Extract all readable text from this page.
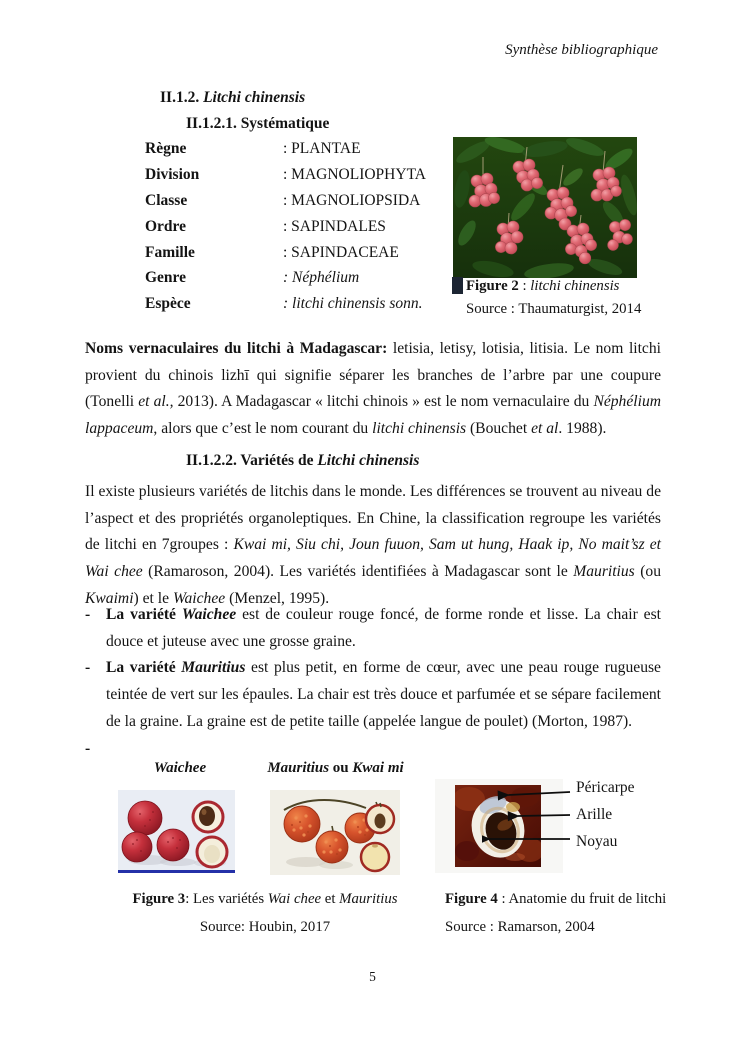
Synthèse bibliographique
II.1.2. Litchi chinensis
II.1.2.1. Systématique
Règne	: PLANTAE
Division	: MAGNOLIOPHYTA
Classe	: MAGNOLIOPSIDA
Ordre	: SAPINDALES
Famille	: SAPINDACEAE
Genre	: Néphélium
Espèce	: litchi chinensis sonn.
Figure 2 : litchi chinensis
Source : Thaumaturgist, 2014

Noms vernaculaires du litchi à Madagascar: letisia, letisy, lotisia, litisia. Le nom litchi provient du chinois lizhī qui signifie séparer les branches de l’arbre par une coupure (Tonelli et al., 2013). A Madagascar « litchi chinois » est le nom vernaculaire du Néphélium lappaceum, alors que c’est le nom courant du litchi chinensis (Bouchet et al. 1988).

II.1.2.2. Variétés de Litchi chinensis

Il existe plusieurs variétés de litchis dans le monde. Les différences se trouvent au niveau de l’aspect et des propriétés organoleptiques. En Chine, la classification regroupe les variétés de litchi en 7groupes : Kwai mi, Siu chi, Joun fuuon, Sam ut hung, Haak ip, No mait’sz et Wai chee (Ramaroson, 2004). Les variétés identifiées à Madagascar sont le Mauritius (ou Kwaimi) et le Waichee (Menzel, 1995).

- La variété Waichee est de couleur rouge foncé, de forme ronde et lisse. La chair est douce et juteuse avec une grosse graine.

- La variété Mauritius est plus petit, en forme de cœur, avec une peau rouge rugueuse teintée de vert sur les épaules. La chair est très douce et parfumée et se sépare facilement de la graine. La graine est de petite taille (appelée langue de poulet) (Morton, 1987).

-

Waichee	Mauritius ou Kwai mi
Péricarpe
Arille
Noyau
Figure 3: Les variétés Wai chee et Mauritius
Source: Houbin, 2017
Figure 4 : Anatomie du fruit de litchi
Source : Ramarson, 2004
5
